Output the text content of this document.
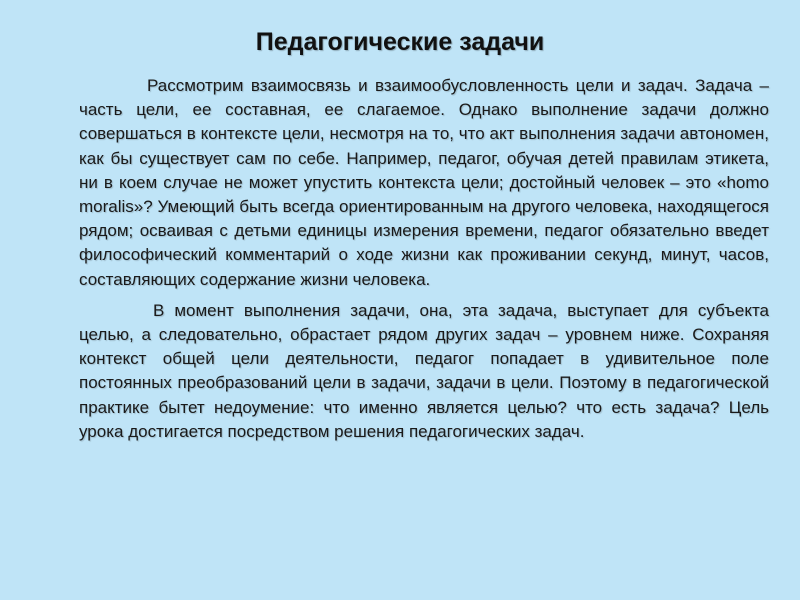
Педагогические задачи

Рассмотрим взаимосвязь и взаимообусловленность цели и задач. Задача – часть цели, ее составная, ее слагаемое. Однако выполнение задачи должно совершаться в контексте цели, несмотря на то, что акт выполнения задачи автономен, как бы существует сам по себе. Например, педагог, обучая детей правилам этикета, ни в коем случае не может упустить контекста цели; достойный человек – это «homo moralis»? Умеющий быть всегда ориентированным на другого человека, находящегося рядом; осваивая с детьми единицы измерения времени, педагог обязательно введет философический комментарий о ходе жизни как проживании секунд, минут, часов, составляющих содержание жизни человека.

В момент выполнения задачи, она, эта задача, выступает для субъекта целью, а следовательно, обрастает рядом других задач – уровнем ниже. Сохраняя контекст общей цели деятельности, педагог попадает в удивительное поле постоянных преобразований цели в задачи, задачи в цели. Поэтому в педагогической практике бытет недоумение: что именно является целью? что есть задача? Цель урока достигается посредством решения педагогических задач.
